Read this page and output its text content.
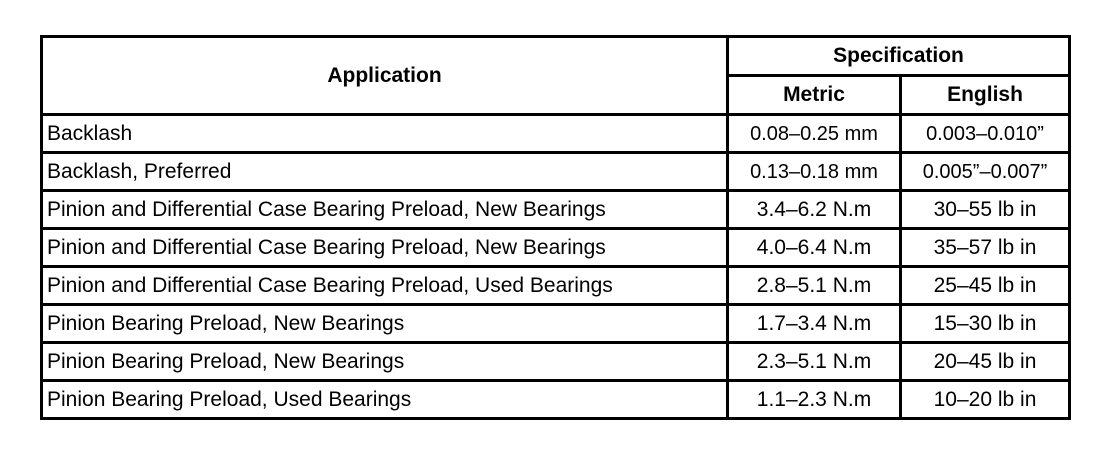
Application	Specification	
	Metric	English
Backlash	0.08–0.25 mm	0.003–0.010”
Backlash, Preferred	0.13–0.18 mm	0.005”–0.007”
Pinion and Differential Case Bearing Preload, New Bearings	3.4–6.2 N.m	30–55 lb in
Pinion and Differential Case Bearing Preload, New Bearings	4.0–6.4 N.m	35–57 lb in
Pinion and Differential Case Bearing Preload, Used Bearings	2.8–5.1 N.m	25–45 lb in
Pinion Bearing Preload, New Bearings	1.7–3.4 N.m	15–30 lb in
Pinion Bearing Preload, New Bearings	2.3–5.1 N.m	20–45 lb in
Pinion Bearing Preload, Used Bearings	1.1–2.3 N.m	10–20 lb in
